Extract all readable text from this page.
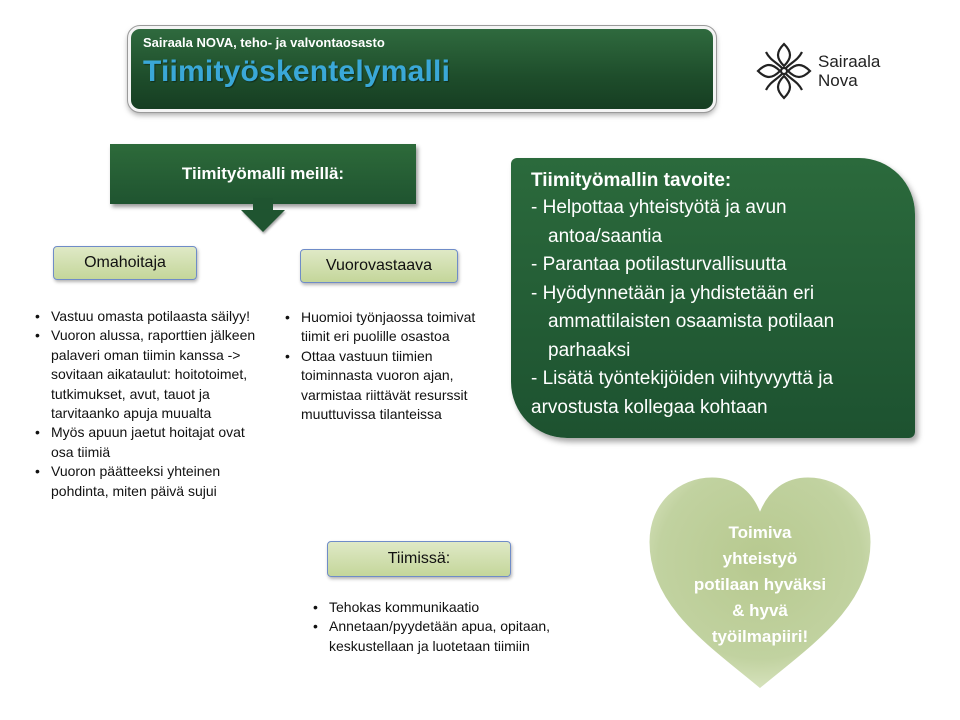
Sairaala NOVA, teho- ja valvontaosasto
Tiimityöskentelymalli	Sairaala
Nova
Tiimityömalli meillä:
Omahoitaja
• Vastuu omasta potilaasta säilyy!
• Vuoron alussa, raporttien jälkeen palaveri oman tiimin kanssa -> sovitaan aikataulut: hoitotoimet, tutkimukset, avut, tauot ja tarvitaanko apuja muualta
• Myös apuun jaetut hoitajat ovat osa tiimiä
• Vuoron päätteeksi yhteinen pohdinta, miten päivä sujui
Vuorovastaava
• Huomioi työnjaossa toimivat tiimit eri puolille osastoa
• Ottaa vastuun tiimien toiminnasta vuoron ajan, varmistaa riittävät resurssit muuttuvissa tilanteissa
Tiimissä:
• Tehokas kommunikaatio
• Annetaan/pyydetään apua, opitaan, keskustellaan ja luotetaan tiimiin
Tiimityömallin tavoite:
- Helpottaa yhteistyötä ja avun
antoa/saantia
- Parantaa potilasturvallisuutta
- Hyödynnetään ja yhdistetään eri
ammattilaisten osaamista potilaan parhaaksi
- Lisätä työntekijöiden viihtyvyyttä ja
arvostusta kollegaa kohtaan
Toimiva yhteistyö
potilaan hyväksi
& hyvä
työilmapiiri!
